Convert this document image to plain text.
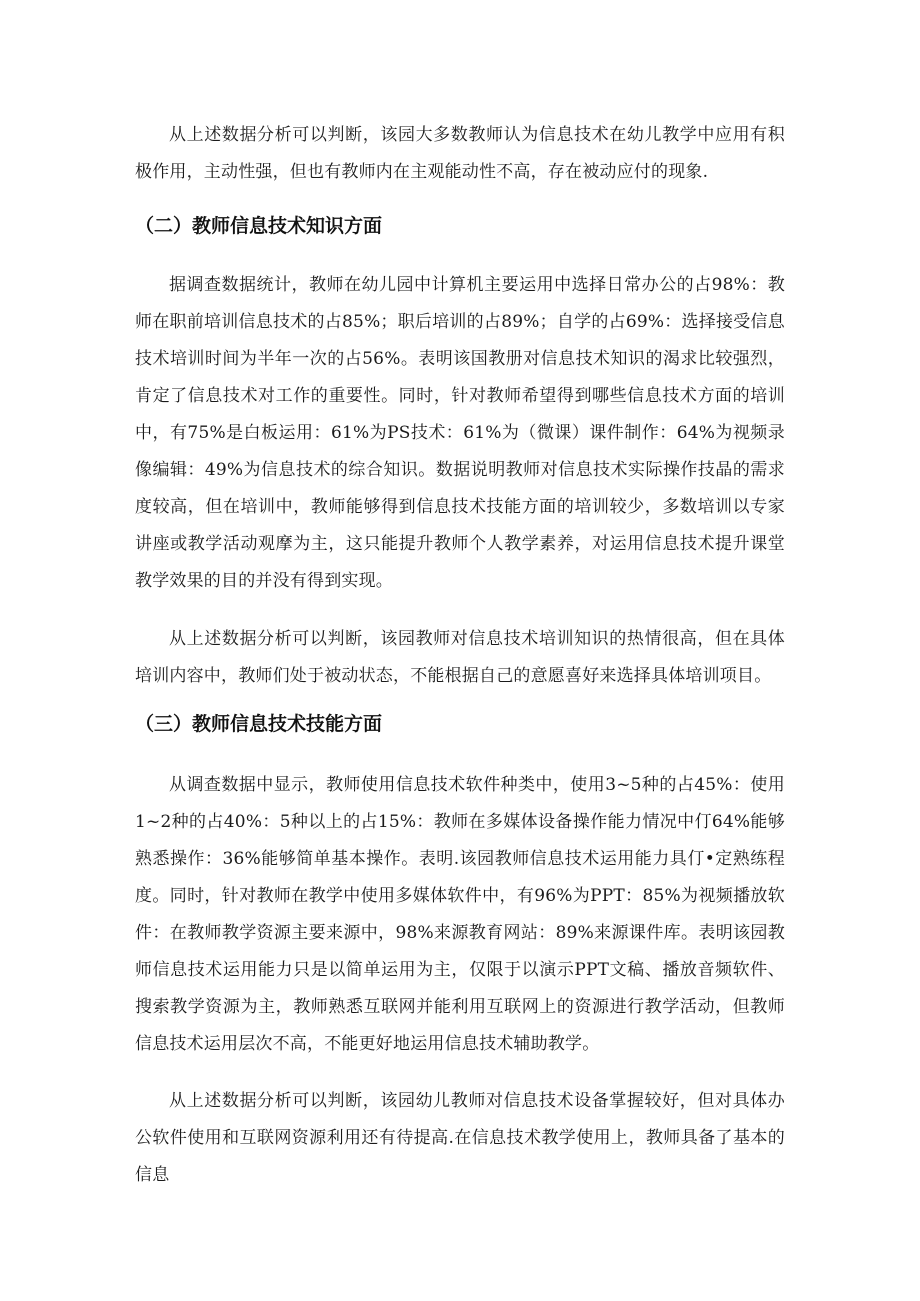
从上述数据分析可以判断，该园大多数教师认为信息技术在幼儿教学中应用有积极作用，主动性强，但也有教师内在主观能动性不高，存在被动应付的现象.

（二）教师信息技术知识方面

据调查数据统计，教师在幼儿园中计算机主要运用中选择日常办公的占98%：教师在职前培训信息技术的占85%；职后培训的占89%；自学的占69%：选择接受信息技术培训时间为半年一次的占56%。表明该国教册对信息技术知识的渴求比较强烈，肯定了信息技术对工作的重要性。同时，针对教师希望得到哪些信息技术方面的培训中，有75%是白板运用：61%为PS技术：61%为（微课）课件制作：64%为视频录像编辑：49%为信息技术的综合知识。数据说明教师对信息技术实际操作技晶的需求度较高，但在培训中，教师能够得到信息技术技能方面的培训较少，多数培训以专家讲座或教学活动观摩为主，这只能提升教师个人教学素养，对运用信息技术提升课堂教学效果的目的并没有得到实现。

从上述数据分析可以判断，该园教师对信息技术培训知识的热情很高，但在具体培训内容中，教师们处于被动状态，不能根据自己的意愿喜好来选择具体培训项目。

（三）教师信息技术技能方面

从调查数据中显示，教师使用信息技术软件种类中，使用3~5种的占45%：使用1~2种的占40%：5种以上的占15%：教师在多媒体设备操作能力情况中仃64%能够熟悉操作：36%能够简单基本操作。表明.该园教师信息技术运用能力具仃•定熟练程度。同时，针对教师在教学中使用多媒体软件中，有96%为PPT：85%为视频播放软件：在教师教学资源主要来源中，98%来源教育网站：89%来源课件库。表明该园教师信息技术运用能力只是以简单运用为主，仅限于以演示PPT文稿、播放音频软件、搜索教学资源为主，教师熟悉互联网并能利用互联网上的资源进行教学活动，但教师信息技术运用层次不高，不能更好地运用信息技术辅助教学。

从上述数据分析可以判断，该园幼儿教师对信息技术设备掌握较好，但对具体办公软件使用和互联网资源利用还有待提高.在信息技术教学使用上，教师具备了基本的信息
